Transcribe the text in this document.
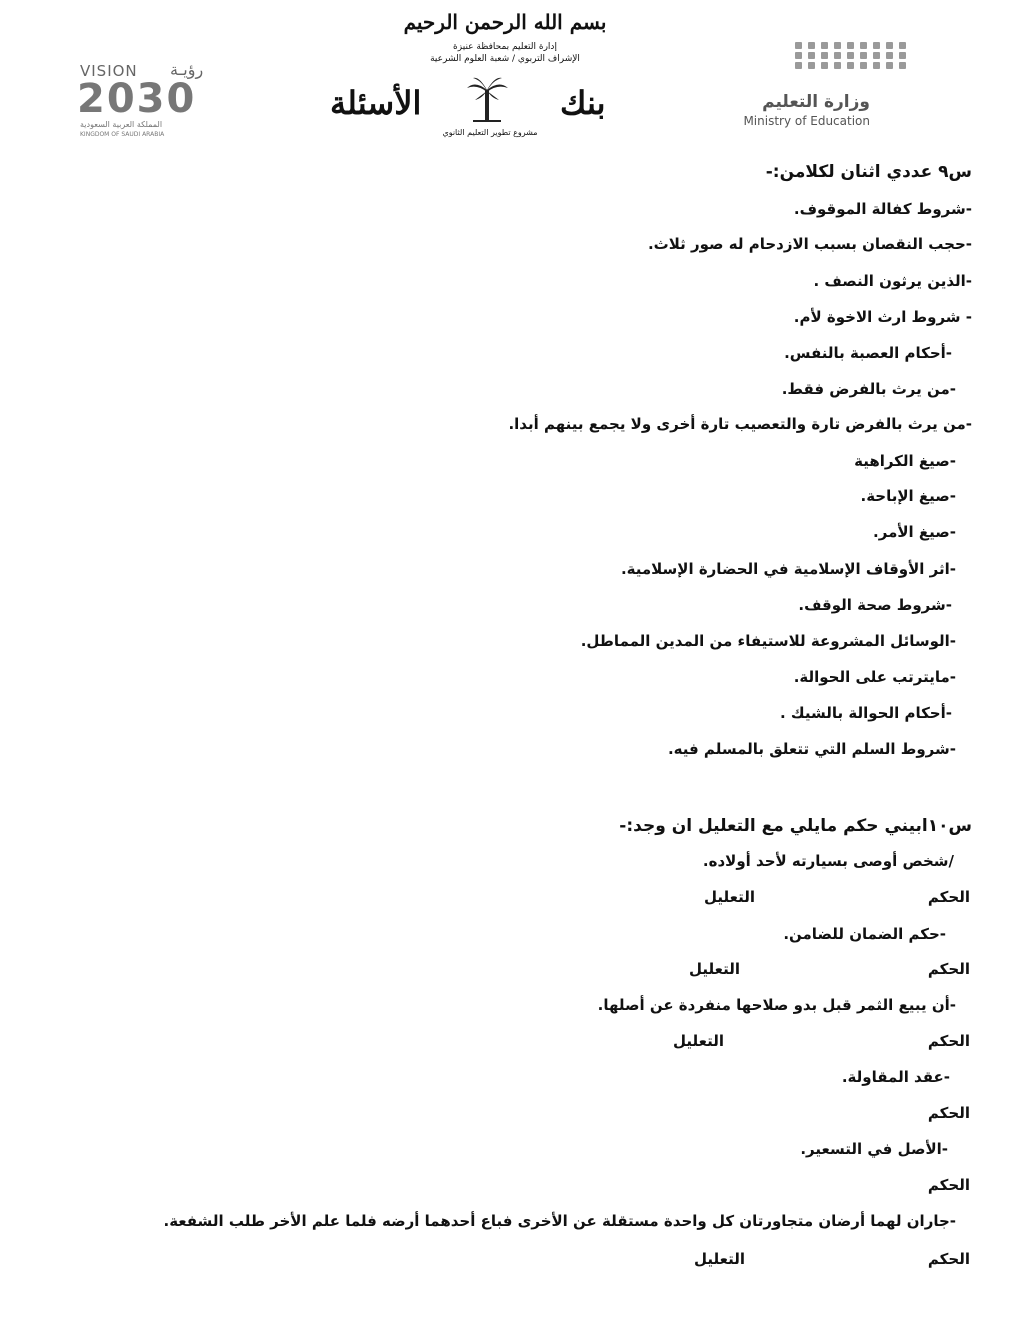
بسم الله الرحمن الرحيم
إدارة التعليم بمحافظة عنيزة
الإشراف التربوي / شعبة العلوم الشرعية
بنك
الأسئلة
مشروع تطوير التعليم الثانوي
وزارة التعليم
Ministry of Education
VISION رؤيـة
2030
المملكة العربية السعودية
KINGDOM OF SAUDI ARABIA
س٩ عددي اثنان لكلامن:-
-شروط كفالة الموقوف.
-حجب النقصان بسبب الازدحام له صور ثلاث.
-الذين يرثون النصف .
- شروط ارث الاخوة لأم.
-أحكام العصبة بالنفس.
-من يرث بالفرض فقط.
-من يرث بالفرض تارة والتعصيب تارة أخرى ولا يجمع بينهم أبدا.
-صيغ الكراهية
-صيغ الإباحة.
-صيغ الأمر.
-اثر الأوقاف الإسلامية في الحضارة الإسلامية.
-شروط صحة الوقف.
-الوسائل المشروعة للاستيفاء من المدين المماطل.
-مايترتب على الحوالة.
-أحكام الحوالة بالشيك .
-شروط السلم التي تتعلق بالمسلم فيه.
س١٠ابيني حكم مايلي مع التعليل ان وجد:-
/شخص أوصى بسيارته لأحد أولاده.
الحكم
التعليل
-حكم الضمان للضامن.
الحكم
التعليل
-أن يبيع الثمر قبل بدو صلاحها منفردة عن أصلها.
الحكم
التعليل
-عقد المقاولة.
الحكم
-الأصل في التسعير.
الحكم
-جاران لهما أرضان متجاورتان كل واحدة مستقلة عن الأخرى فباع أحدهما أرضه فلما علم الأخر طلب الشفعة.
الحكم
التعليل
